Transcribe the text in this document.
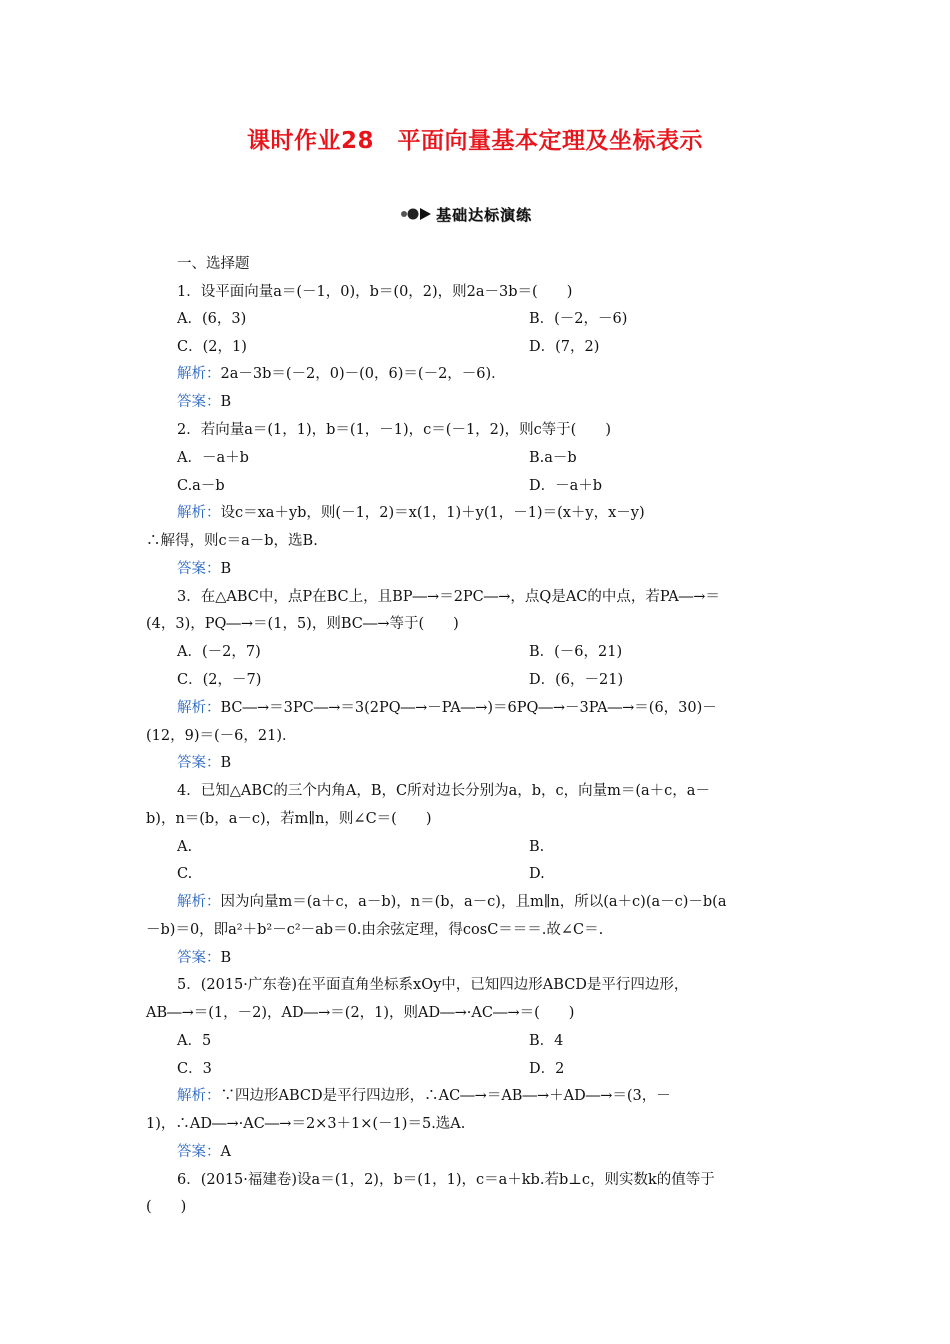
课时作业28　平面向量基本定理及坐标表示
基础达标演练
一、选择题
1．设平面向量a＝(－1，0)，b＝(0，2)，则2a－3b＝(　　)
A．(6，3)	B．(－2，－6)
C．(2，1)	D．(7，2)
解析：2a－3b＝(－2，0)－(0，6)＝(－2，－6)．
答案：B
2．若向量a＝(1，1)，b＝(1，－1)，c＝(－1，2)，则c等于(　　)
A．－a＋b	B.a－b
C.a－b	D．－a＋b
解析：设c＝xa＋yb，则(－1，2)＝x(1，1)＋y(1，－1)＝(x＋y，x－y)
∴解得，则c＝a－b，选B.
答案：B
3．在△ABC中，点P在BC上，且BP―→＝2PC―→，点Q是AC的中点，若PA―→＝
(4，3)，PQ―→＝(1，5)，则BC―→等于(　　)
A．(－2，7)	B．(－6，21)
C．(2，－7)	D．(6，－21)
解析：BC―→＝3PC―→＝3(2PQ―→－PA―→)＝6PQ―→－3PA―→＝(6，30)－
(12，9)＝(－6，21)．
答案：B
4．已知△ABC的三个内角A，B，C所对边长分别为a，b，c，向量m＝(a＋c，a－
b)，n＝(b，a－c)，若m∥n，则∠C＝(　　)
A.	B.
C.	D.
解析：因为向量m＝(a＋c，a－b)，n＝(b，a－c)，且m∥n，所以(a＋c)(a－c)－b(a
－b)＝0，即a²＋b²－c²－ab＝0.由余弦定理，得cosC＝＝＝.故∠C＝.
答案：B
5．(2015·广东卷)在平面直角坐标系xOy中，已知四边形ABCD是平行四边形，
AB―→＝(1，－2)，AD―→＝(2，1)，则AD―→·AC―→＝(　　)
A．5	B．4
C．3	D．2
解析：∵四边形ABCD是平行四边形，∴AC―→＝AB―→＋AD―→＝(3，－
1)，∴AD―→·AC―→＝2×3＋1×(－1)＝5.选A.
答案：A
6．(2015·福建卷)设a＝(1，2)，b＝(1，1)，c＝a＋kb.若b⊥c，则实数k的值等于
(　　)
